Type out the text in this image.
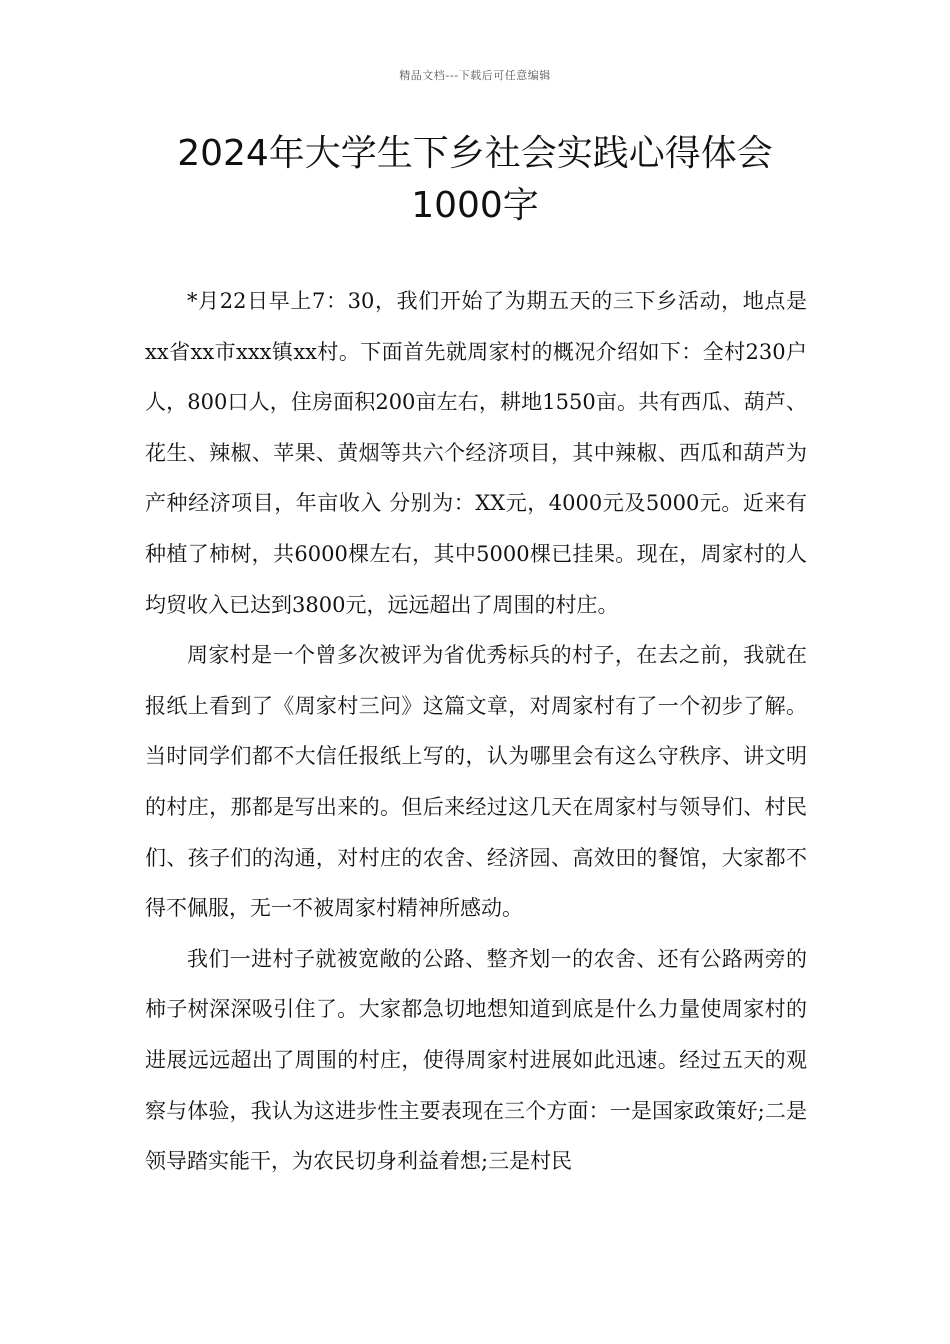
精品文档---下载后可任意编辑
2024年大学生下乡社会实践心得体会
1000字

*月22日早上7：30，我们开始了为期五天的三下乡活动，地点是xx省xx市xxx镇xx村。下面首先就周家村的概况介绍如下：全村230户人，800口人，住房面积200亩左右，耕地1550亩。共有西瓜、葫芦、花生、辣椒、苹果、黄烟等共六个经济项目，其中辣椒、西瓜和葫芦为产种经济项目，年亩收入 分别为：XX元，4000元及5000元。近来有种植了柿树，共6000棵左右，其中5000棵已挂果。现在，周家村的人均贸收入已达到3800元，远远超出了周围的村庄。

周家村是一个曾多次被评为省优秀标兵的村子，在去之前，我就在报纸上看到了《周家村三问》这篇文章，对周家村有了一个初步了解。当时同学们都不大信任报纸上写的，认为哪里会有这么守秩序、讲文明的村庄，那都是写出来的。但后来经过这几天在周家村与领导们、村民们、孩子们的沟通，对村庄的农舍、经济园、高效田的餐馆，大家都不得不佩服，无一不被周家村精神所感动。

我们一进村子就被宽敞的公路、整齐划一的农舍、还有公路两旁的柿子树深深吸引住了。大家都急切地想知道到底是什么力量使周家村的进展远远超出了周围的村庄，使得周家村进展如此迅速。经过五天的观察与体验，我认为这进步性主要表现在三个方面：一是国家政策好;二是领导踏实能干，为农民切身利益着想;三是村民
